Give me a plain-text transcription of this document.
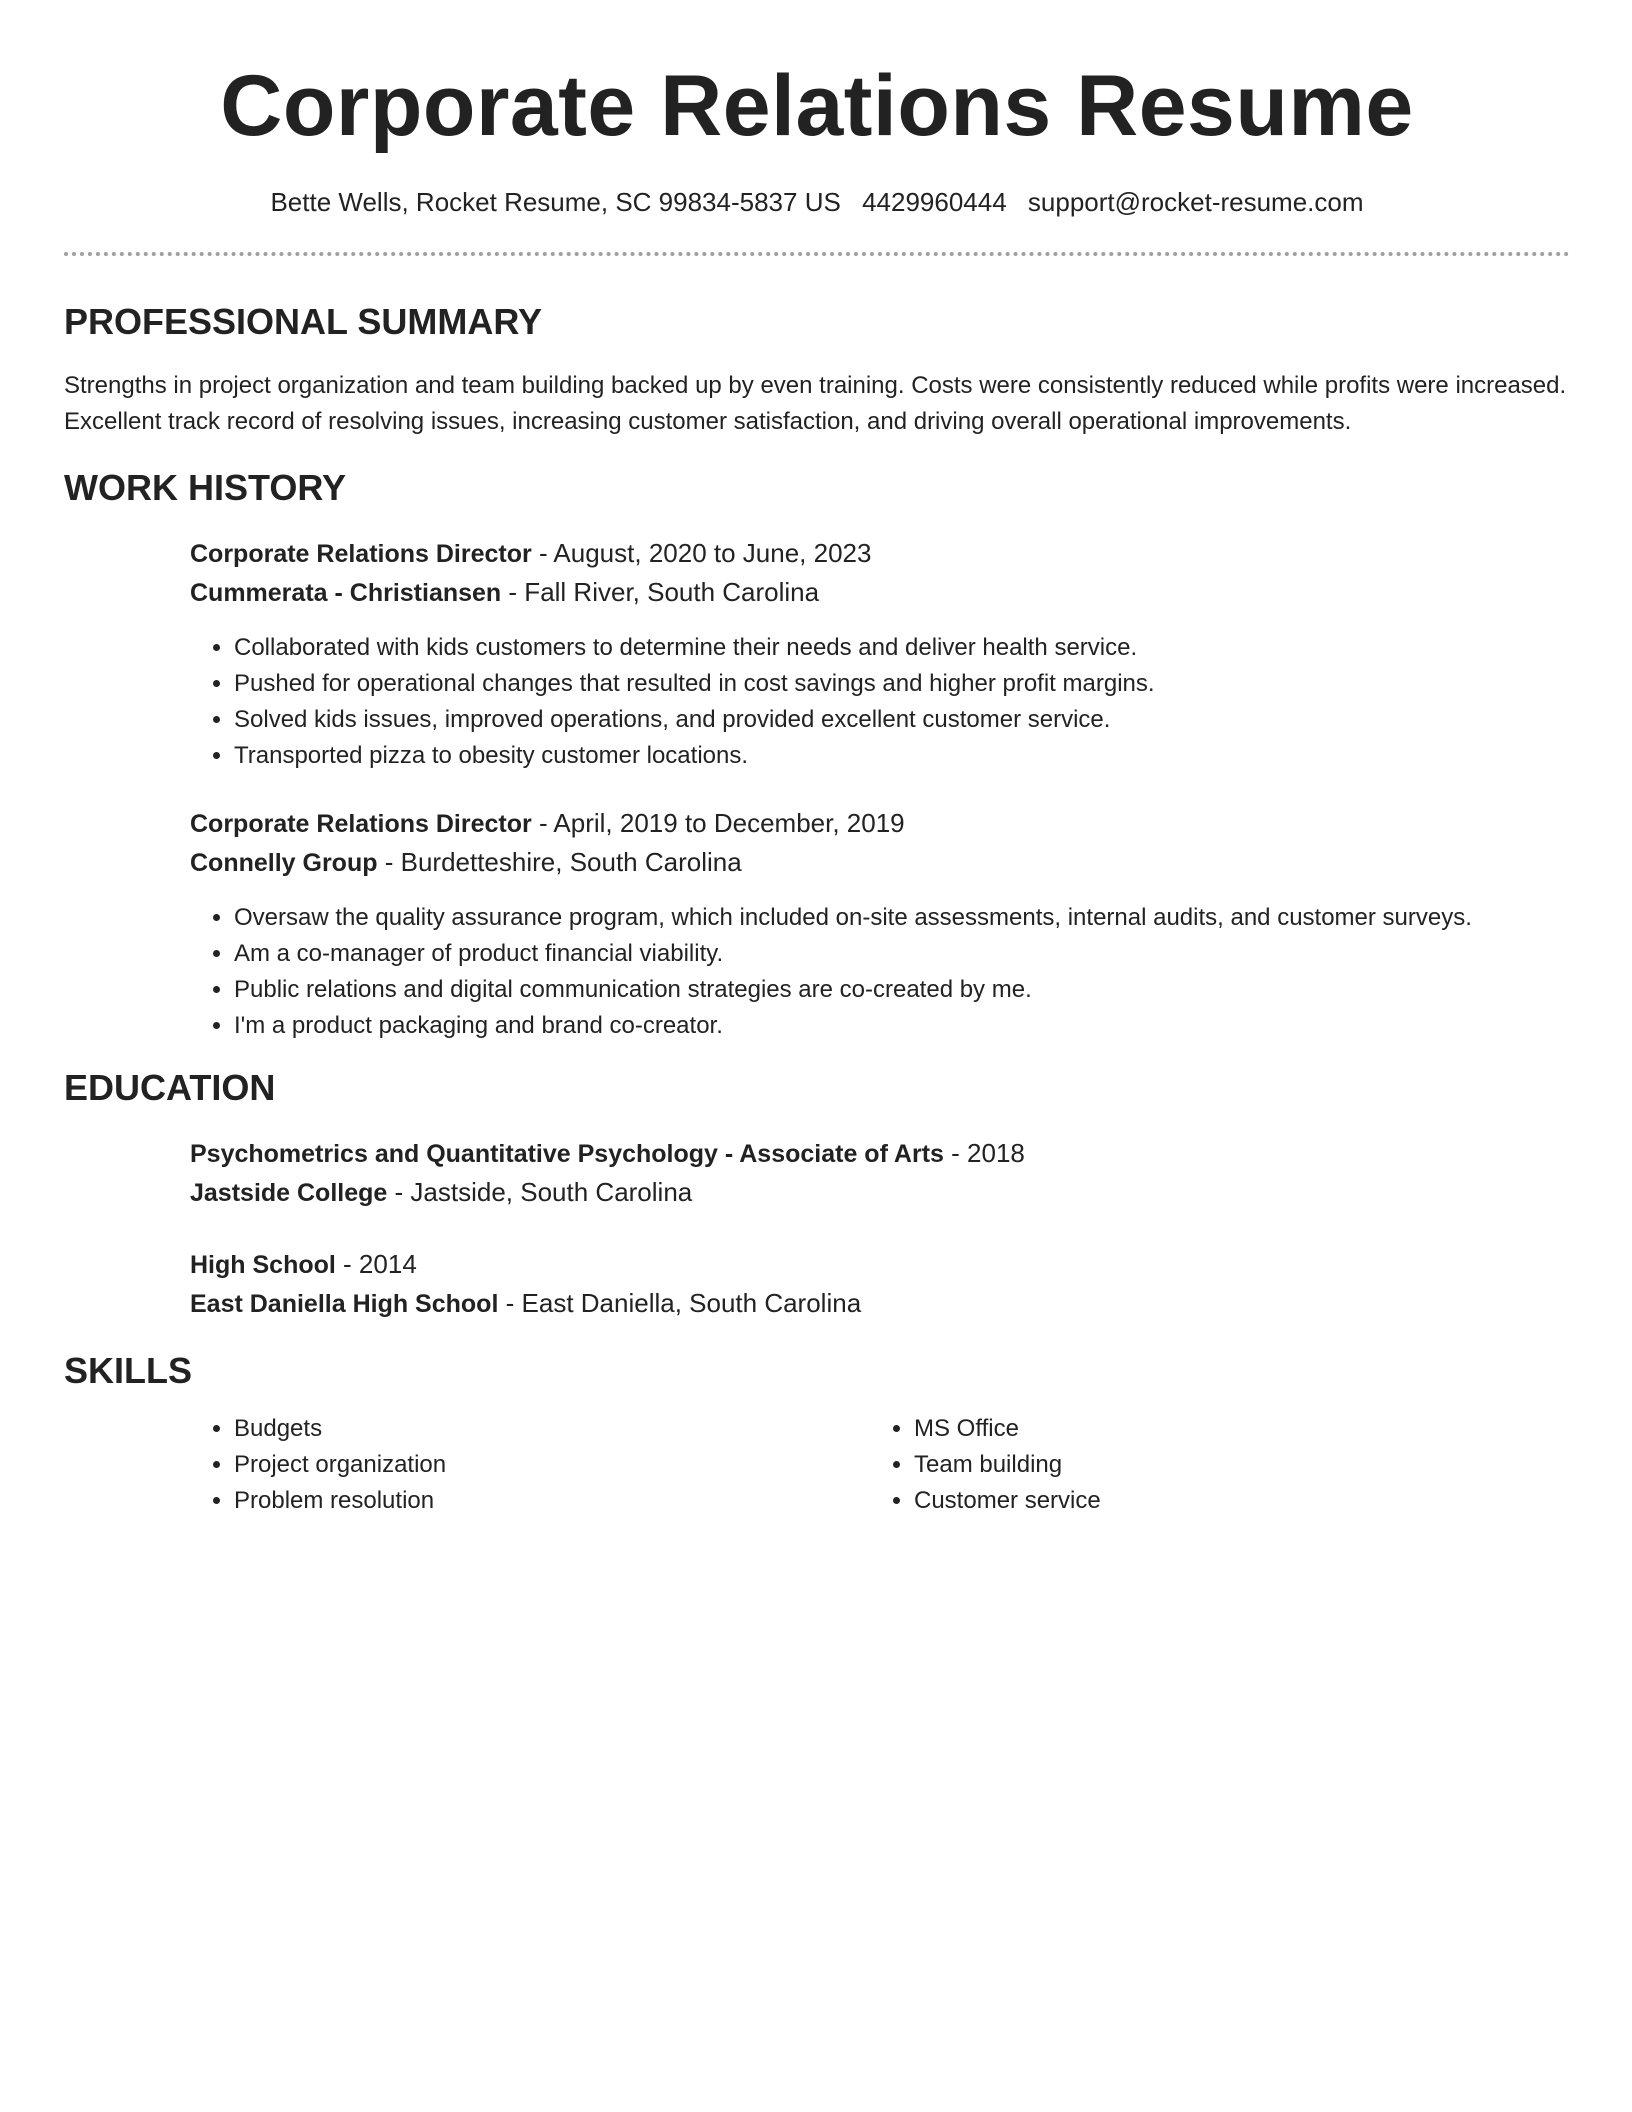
Corporate Relations Resume
Bette Wells, Rocket Resume, SC 99834-5837 US 4429960444 support@rocket-resume.com
PROFESSIONAL SUMMARY

Strengths in project organization and team building backed up by even training. Costs were consistently reduced while profits were increased. Excellent track record of resolving issues, increasing customer satisfaction, and driving overall operational improvements.

WORK HISTORY
Corporate Relations Director - August, 2020 to June, 2023
Cummerata - Christiansen - Fall River, South Carolina
• Collaborated with kids customers to determine their needs and deliver health service.
• Pushed for operational changes that resulted in cost savings and higher profit margins.
• Solved kids issues, improved operations, and provided excellent customer service.
• Transported pizza to obesity customer locations.
Corporate Relations Director - April, 2019 to December, 2019
Connelly Group - Burdetteshire, South Carolina
• Oversaw the quality assurance program, which included on-site assessments, internal audits, and customer surveys.
• Am a co-manager of product financial viability.
• Public relations and digital communication strategies are co-created by me.
• I'm a product packaging and brand co-creator.
EDUCATION
Psychometrics and Quantitative Psychology - Associate of Arts - 2018
Jastside College - Jastside, South Carolina
High School - 2014
East Daniella High School - East Daniella, South Carolina
SKILLS
• Budgets
• Project organization
• Problem resolution
• MS Office
• Team building
• Customer service
